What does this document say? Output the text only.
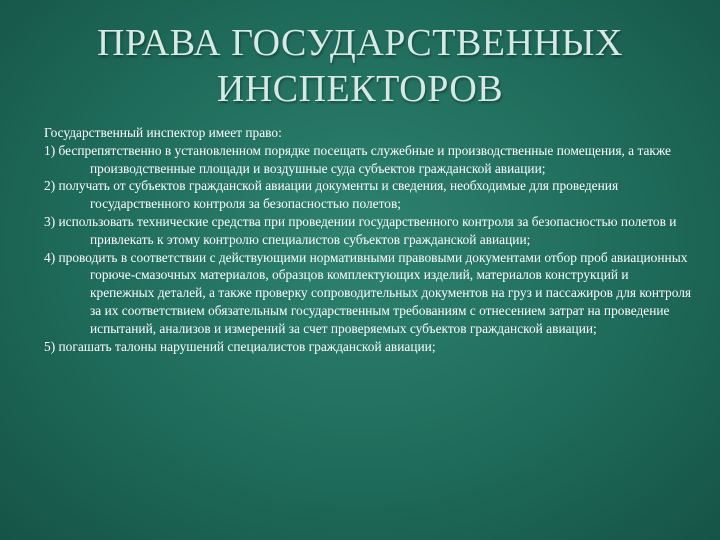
ПРАВА ГОСУДАРСТВЕННЫХ
ИНСПЕКТОРОВ

Государственный инспектор имеет право:

1) беспрепятственно в установленном порядке посещать служебные и производственные помещения, а также производственные площади и воздушные суда субъектов гражданской авиации;

2) получать от субъектов гражданской авиации документы и сведения, необходимые для проведения государственного контроля за безопасностью полетов;

3) использовать технические средства при проведении государственного контроля за безопасностью полетов и привлекать к этому контролю специалистов субъектов гражданской авиации;

4) проводить в соответствии с действующими нормативными правовыми документами отбор проб авиационных горюче-смазочных материалов, образцов комплектующих изделий, материалов конструкций и крепежных деталей, а также проверку сопроводительных документов на груз и пассажиров для контроля за их соответствием обязательным государственным требованиям с отнесением затрат на проведение испытаний, анализов и измерений за счет проверяемых субъектов гражданской авиации;

5) погашать талоны нарушений специалистов гражданской авиации;
